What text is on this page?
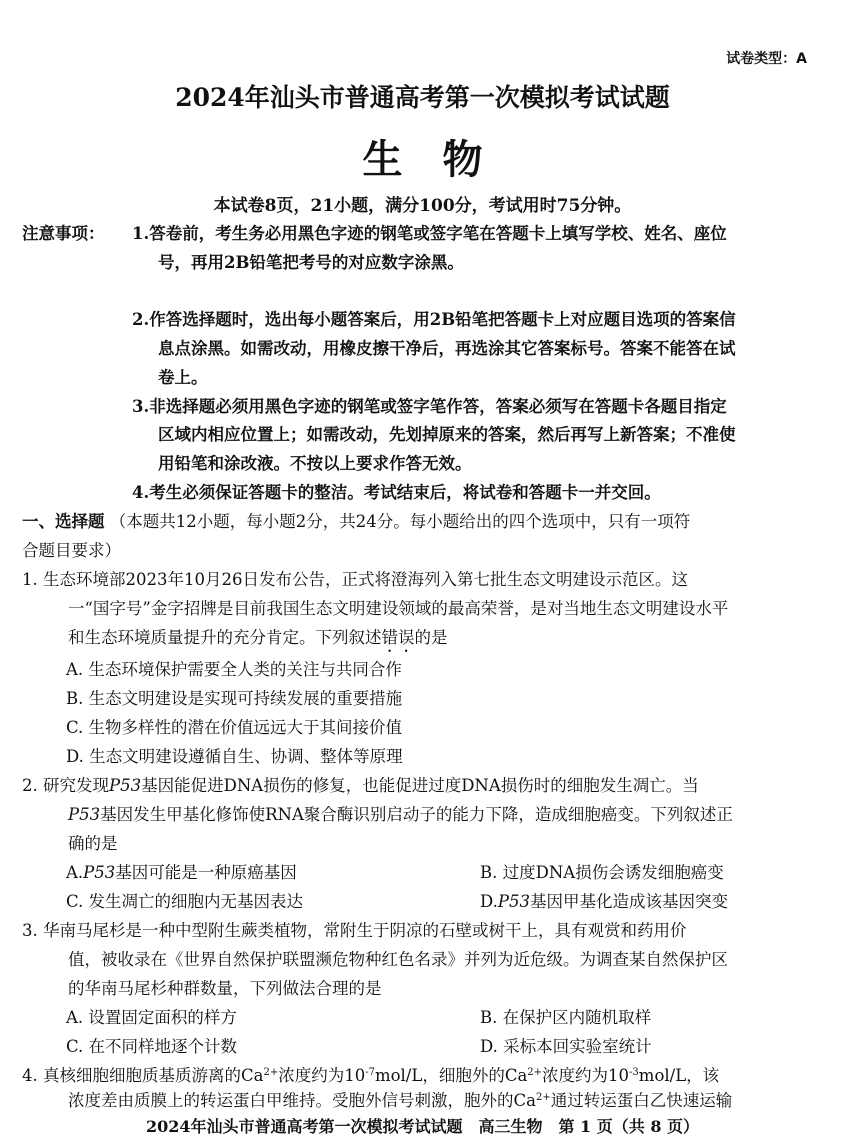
试卷类型：A
2024年汕头市普通高考第一次模拟考试试题
生物
本试卷8页，21小题，满分100分，考试用时75分钟。
注意事项： 1.答卷前，考生务必用黑色字迹的钢笔或签字笔在答题卡上填写学校、姓名、座位
号，再用2B铅笔把考号的对应数字涂黑。
2.作答选择题时，选出每小题答案后，用2B铅笔把答题卡上对应题目选项的答案信
息点涂黑。如需改动，用橡皮擦干净后，再选涂其它答案标号。答案不能答在试
卷上。
3.非选择题必须用黑色字迹的钢笔或签字笔作答，答案必须写在答题卡各题目指定
区域内相应位置上；如需改动，先划掉原来的答案，然后再写上新答案；不准使
用铅笔和涂改液。不按以上要求作答无效。
4.考生必须保证答题卡的整洁。考试结束后，将试卷和答题卡一并交回。
一、选择题 （本题共12小题，每小题2分，共24分。每小题给出的四个选项中，只有一项符
合题目要求）
1. 生态环境部2023年10月26日发布公告，正式将澄海列入第七批生态文明建设示范区。这
一“国字号”金字招牌是目前我国生态文明建设领域的最高荣誉，是对当地生态文明建设水平
和生态环境质量提升的充分肯定。下列叙述错误的是
A. 生态环境保护需要全人类的关注与共同合作
B. 生态文明建设是实现可持续发展的重要措施
C. 生物多样性的潜在价值远远大于其间接价值
D. 生态文明建设遵循自生、协调、整体等原理
2. 研究发现P53基因能促进DNA损伤的修复，也能促进过度DNA损伤时的细胞发生凋亡。当
P53基因发生甲基化修饰使RNA聚合酶识别启动子的能力下降，造成细胞癌变。下列叙述正
确的是
A.P53基因可能是一种原癌基因	B. 过度DNA损伤会诱发细胞癌变
C. 发生凋亡的细胞内无基因表达	D.P53基因甲基化造成该基因突变
3. 华南马尾杉是一种中型附生蕨类植物，常附生于阴凉的石壁或树干上，具有观赏和药用价
值，被收录在《世界自然保护联盟濒危物种红色名录》并列为近危级。为调查某自然保护区
的华南马尾杉种群数量，下列做法合理的是
A. 设置固定面积的样方	B. 在保护区内随机取样
C. 在不同样地逐个计数	D. 采标本回实验室统计
4. 真核细胞细胞质基质游离的$Ca^{2+}$浓度约为$10^{-7}mol/L$，细胞外的$Ca^{2+}$浓度约为$10^{-3}mol/L$，该
浓度差由质膜上的转运蛋白甲维持。受胞外信号刺激，胞外的$Ca^{2+}$通过转运蛋白乙快速运输
2024年汕头市普通高考第一次模拟考试试题　高三生物　第 1 页（共 8 页）
